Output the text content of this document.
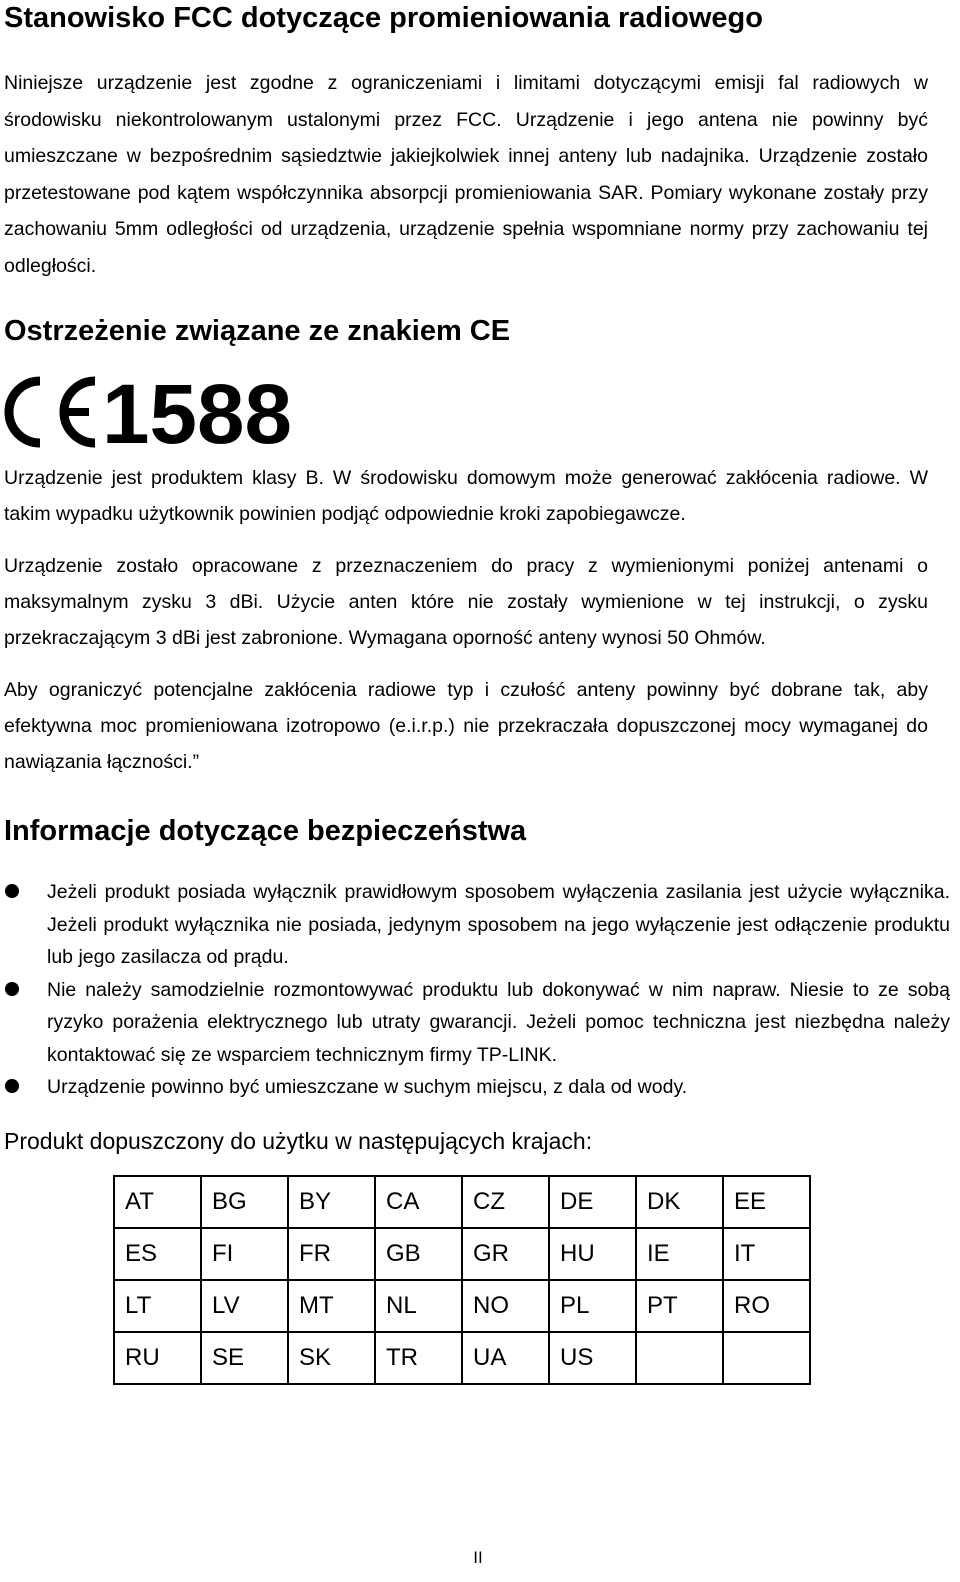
Stanowisko FCC dotyczące promieniowania radiowego

Niniejsze urządzenie jest zgodne z ograniczeniami i limitami dotyczącymi emisji fal radiowych w środowisku niekontrolowanym ustalonymi przez FCC. Urządzenie i jego antena nie powinny być umieszczane w bezpośrednim sąsiedztwie jakiejkolwiek innej anteny lub nadajnika. Urządzenie zostało przetestowane pod kątem współczynnika absorpcji promieniowania SAR. Pomiary wykonane zostały przy zachowaniu 5mm odległości od urządzenia, urządzenie spełnia wspomniane normy przy zachowaniu tej odległości.

Ostrzeżenie związane ze znakiem CE
1588

Urządzenie jest produktem klasy B. W środowisku domowym może generować zakłócenia radiowe. W takim wypadku użytkownik powinien podjąć odpowiednie kroki zapobiegawcze.

Urządzenie zostało opracowane z przeznaczeniem do pracy z wymienionymi poniżej antenami o maksymalnym zysku 3 dBi. Użycie anten które nie zostały wymienione w tej instrukcji, o zysku przekraczającym 3 dBi jest zabronione. Wymagana oporność anteny wynosi 50 Ohmów.

Aby ograniczyć potencjalne zakłócenia radiowe typ i czułość anteny powinny być dobrane tak, aby efektywna moc promieniowana izotropowo (e.i.r.p.) nie przekraczała dopuszczonej mocy wymaganej do nawiązania łączności.”

Informacje dotyczące bezpieczeństwa
Jeżeli produkt posiada wyłącznik prawidłowym sposobem wyłączenia zasilania jest użycie wyłącznika. Jeżeli produkt wyłącznika nie posiada, jedynym sposobem na jego wyłączenie jest odłączenie produktu lub jego zasilacza od prądu.
Nie należy samodzielnie rozmontowywać produktu lub dokonywać w nim napraw. Niesie to ze sobą ryzyko porażenia elektrycznego lub utraty gwarancji. Jeżeli pomoc techniczna jest niezbędna należy kontaktować się ze wsparciem technicznym firmy TP-LINK.
Urządzenie powinno być umieszczane w suchym miejscu, z dala od wody.

Produkt dopuszczony do użytku w następujących krajach:

AT	BG	BY	CA	CZ	DE	DK	EE
ES	FI	FR	GB	GR	HU	IE	IT
LT	LV	MT	NL	NO	PL	PT	RO
RU	SE	SK	TR	UA	US		
II
